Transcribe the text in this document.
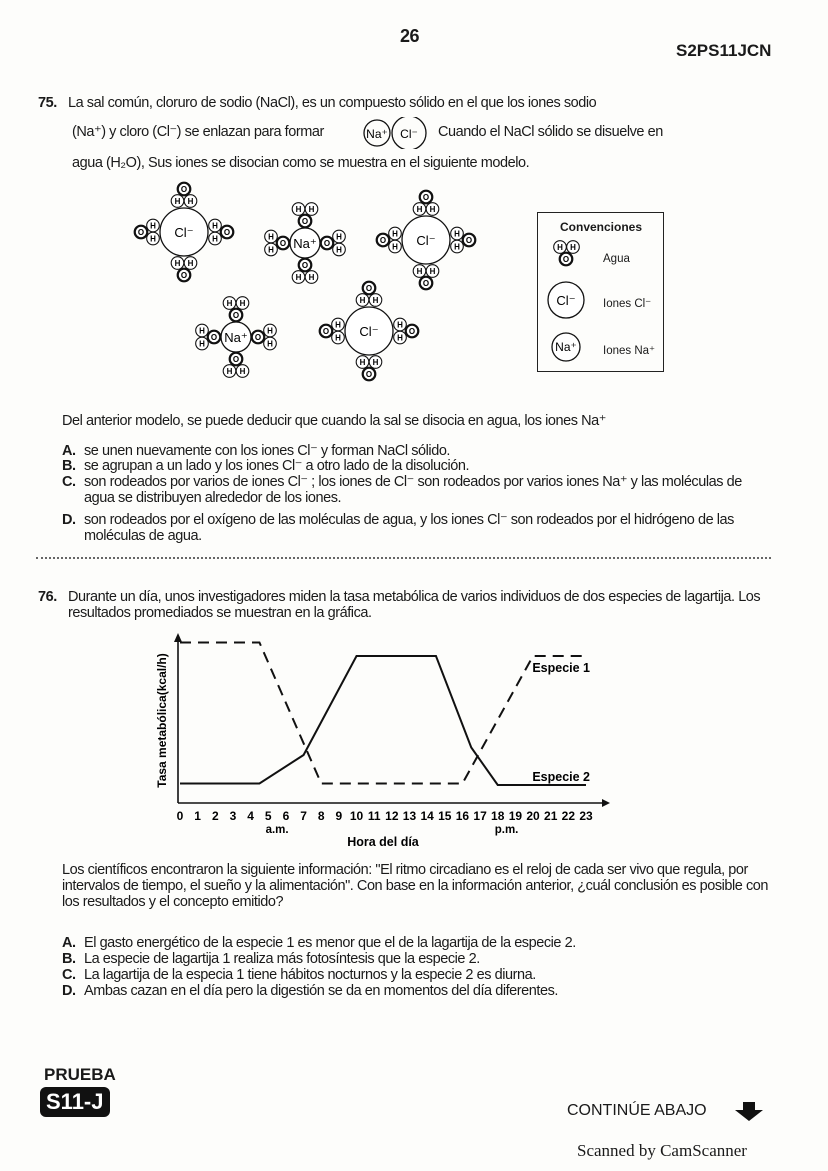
26
S2PS11JCN
75. La sal común, cloruro de sodio (NaCl), es un compuesto sólido en el que los iones sodio
(Na⁺) y cloro (Cl⁻) se enlazan para formar	Na⁺ Cl⁻ Cuando el NaCl sólido se disuelve en
agua (H₂O), Sus iones se disocian como se muestra en el siguiente modelo.
Cl⁻
H
H
O
H
H
O
H H
O
H
H
O
Na⁺
O
H
H
O
H
H
O
H H
O
H
H
Cl⁻
H
H
O
H
H
O
H H
O
H
H
O
Na⁺
O
H
H
O
H
H
O
H H
O
H
H
Cl⁻
H
H
O
H
H
O
H H
O
H
H
O
H H
O
Cl⁻
Na⁺
Convenciones
Agua
Iones Cl⁻
Iones Na⁺
Del anterior modelo, se puede deducir que cuando la sal se disocia en agua, los iones Na⁺
A. se unen nuevamente con los iones Cl⁻ y forman NaCl sólido.
B. se agrupan a un lado y los iones Cl⁻ a otro lado de la disolución.
C. son rodeados por varios de iones Cl⁻ ; los iones de Cl⁻ son rodeados por varios iones Na⁺ y las moléculas de agua se distribuyen alrededor de los iones.
D. son rodeados por el oxígeno de las moléculas de agua, y los iones Cl⁻ son rodeados por el hidrógeno de las moléculas de agua.
76. Durante un día, unos investigadores miden la tasa metabólica de varios individuos de dos especies de lagartija. Los resultados promediados se muestran en la gráfica.
0 1 2 3 4 5 6 7 8 9 10 11 12 13 14 15 16 17 18 19 20 21 22 23
a.m.	p.m.
Hora del día
Tasa metabólica(kcal/h)	Especie 1
Especie 2
Los científicos encontraron la siguiente información: "El ritmo circadiano es el reloj de cada ser vivo que regula, por intervalos de tiempo, el sueño y la alimentación". Con base en la información anterior, ¿cuál conclusión es posible con los resultados y el concepto emitido?
A. El gasto energético de la especie 1 es menor que el de la lagartija de la especie 2.
B. La especie de lagartija 1 realiza más fotosíntesis que la especie 2.
C. La lagartija de la especia 1 tiene hábitos nocturnos y la especie 2 es diurna.
D. Ambas cazan en el día pero la digestión se da en momentos del día diferentes.
PRUEBA
S11-J	CONTINÚE ABAJO
Scanned by CamScanner
